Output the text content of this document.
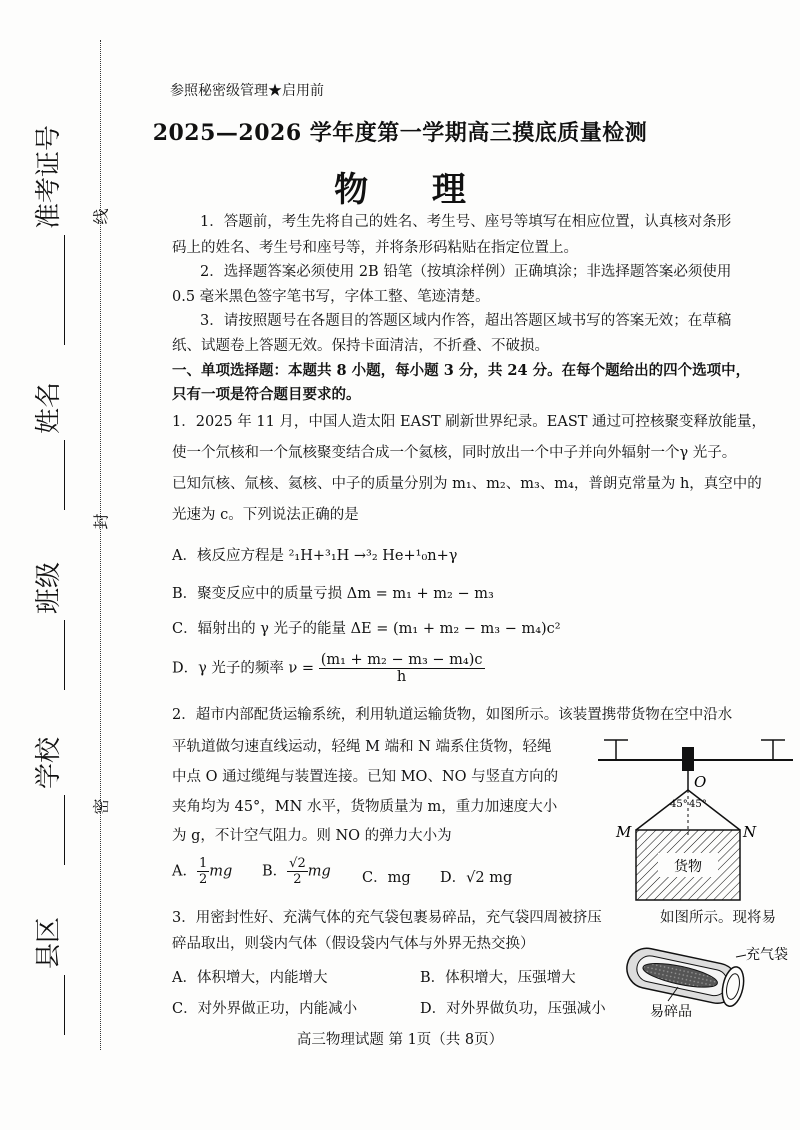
准考证号
姓名
班级
学校
县区
线
封
密
参照秘密级管理★启用前
2025—2026 学年度第一学期高三摸底质量检测
物 理
1．答题前，考生先将自己的姓名、考生号、座号等填写在相应位置，认真核对条形
码上的姓名、考生号和座号等，并将条形码粘贴在指定位置上。
2．选择题答案必须使用 2B 铅笔（按填涂样例）正确填涂；非选择题答案必须使用
0.5 毫米黑色签字笔书写，字体工整、笔迹清楚。
3．请按照题号在各题目的答题区域内作答，超出答题区域书写的答案无效；在草稿
纸、试题卷上答题无效。保持卡面清洁，不折叠、不破损。
一、单项选择题：本题共 8 小题，每小题 3 分，共 24 分。在每个题给出的四个选项中，
只有一项是符合题目要求的。
1．2025 年 11 月，中国人造太阳 EAST 刷新世界纪录。EAST 通过可控核聚变释放能量，
使一个氘核和一个氚核聚变结合成一个氦核，同时放出一个中子并向外辐射一个γ 光子。
已知氘核、氚核、氦核、中子的质量分别为 m₁、m₂、m₃、m₄，普朗克常量为 h，真空中的
光速为 c。下列说法正确的是
A．核反应方程是 ²₁H+³₁H →³₂ He+¹₀n+γ
B．聚变反应中的质量亏损 Δm = m₁ + m₂ − m₃
C．辐射出的 γ 光子的能量 ΔE = (m₁ + m₂ − m₃ − m₄)c²
D．γ 光子的频率 $\nu = \frac{\text{(m₁ + m₂ − m₃ − m₄)c}}{h}$
2．超市内部配货运输系统，利用轨道运输货物，如图所示。该装置携带货物在空中沿水
平轨道做匀速直线运动，轻绳 M 端和 N 端系住货物，轻绳
中点 O 通过缆绳与装置连接。已知 MO、NO 与竖直方向的
夹角均为 45°，MN 水平，货物质量为 m，重力加速度大小
为 g，不计空气阻力。则 NO 的弹力大小为
A． $\frac{1}{2}$ mg B． $\frac{√2}{2}$ mg C．mg D．√2 mg
O
45° 45°
M	N
货物
3．用密封性好、充满气体的充气袋包裹易碎品，充气袋四周被挤压	如图所示。现将易
碎品取出，则袋内气体（假设袋内气体与外界无热交换）
A．体积增大，内能增大	B．体积增大，压强增大
C．对外界做正功，内能减小	D．对外界做负功，压强减小
充气袋
易碎品
高三物理试题 第 1页（共 8页）
